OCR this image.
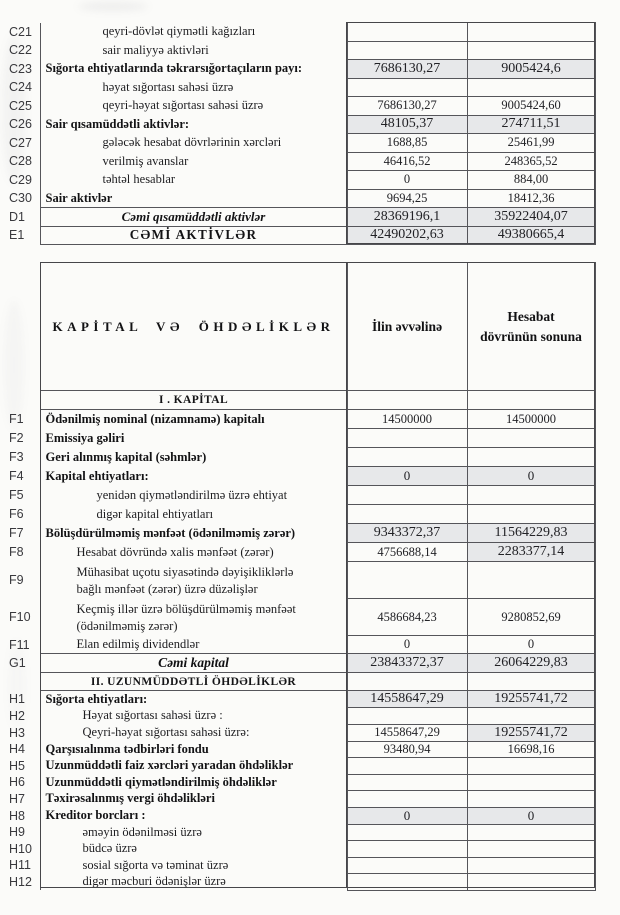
C21	qeyri-dövlət qiymətli kağızları		
C22	sair maliyyə aktivləri		
C23	Sığorta ehtiyatlarında təkrarsığortaçıların payı:	7686130,27	9005424,6
C24	həyat sığortası sahəsi üzrə		
C25	qeyri-həyat sığortası sahəsi üzrə	7686130,27	9005424,60
C26	Sair qısamüddətli aktivlər:	48105,37	274711,51
C27	gələcək hesabat dövrlərinin xərcləri	1688,85	25461,99
C28	verilmiş avanslar	46416,52	248365,52
C29	təhtəl hesablar	0	884,00
C30	Sair aktivlər	9694,25	18412,36
D1	Cəmi qısamüddətli aktivlər	28369196,1	35922404,07
E1	CƏMİ AKTİVLƏR	42490202,63	49380665,4
	KAPİTAL VƏ ÖHDƏLİKLƏR	İlin əvvəlinə	Hesabat dövrünün sonuna
	I . KAPİTAL		
F1	Ödənilmiş nominal (nizamnamə) kapitalı	14500000	14500000
F2	Emissiya gəliri		
F3	Geri alınmış kapital (səhmlər)		
F4	Kapital ehtiyatları:	0	0
F5	yenidən qiymətləndirilmə üzrə ehtiyat		
F6	digər kapital ehtiyatları		
F7	Bölüşdürülməmiş mənfəət (ödənilməmiş zərər)	9343372,37	11564229,83
F8	Hesabat dövründə xalis mənfəət (zərər)	4756688,14	2283377,14
F9	Mühasibat uçotu siyasətində dəyişikliklərlə bağlı mənfəət (zərər) üzrə düzəlişlər		
F10	Keçmiş illər üzrə bölüşdürülməmiş mənfəət (ödənilməmiş zərər)	4586684,23	9280852,69
F11	Elan edilmiş dividendlər	0	0
G1	Cəmi kapital	23843372,37	26064229,83
	II. UZUNMÜDDƏTLİ ÖHDƏLİKLƏR		
H1	Sığorta ehtiyatları:	14558647,29	19255741,72
H2	Həyat sığortası sahəsi üzrə :		
H3	Qeyri-həyat sığortası sahəsi üzrə:	14558647,29	19255741,72
H4	Qarşısıalınma tədbirləri fondu	93480,94	16698,16
H5	Uzunmüddətli faiz xərcləri yaradan öhdəliklər		
H6	Uzunmüddətli qiymətləndirilmiş öhdəliklər		
H7	Təxirəsalınmış vergi öhdəlikləri		
H8	Kreditor borcları :	0	0
H9	əməyin ödənilməsi üzrə		
H10	büdcə üzrə		
H11	sosial sığorta və təminat üzrə		
H12	digər məcburi ödənişlər üzrə		
